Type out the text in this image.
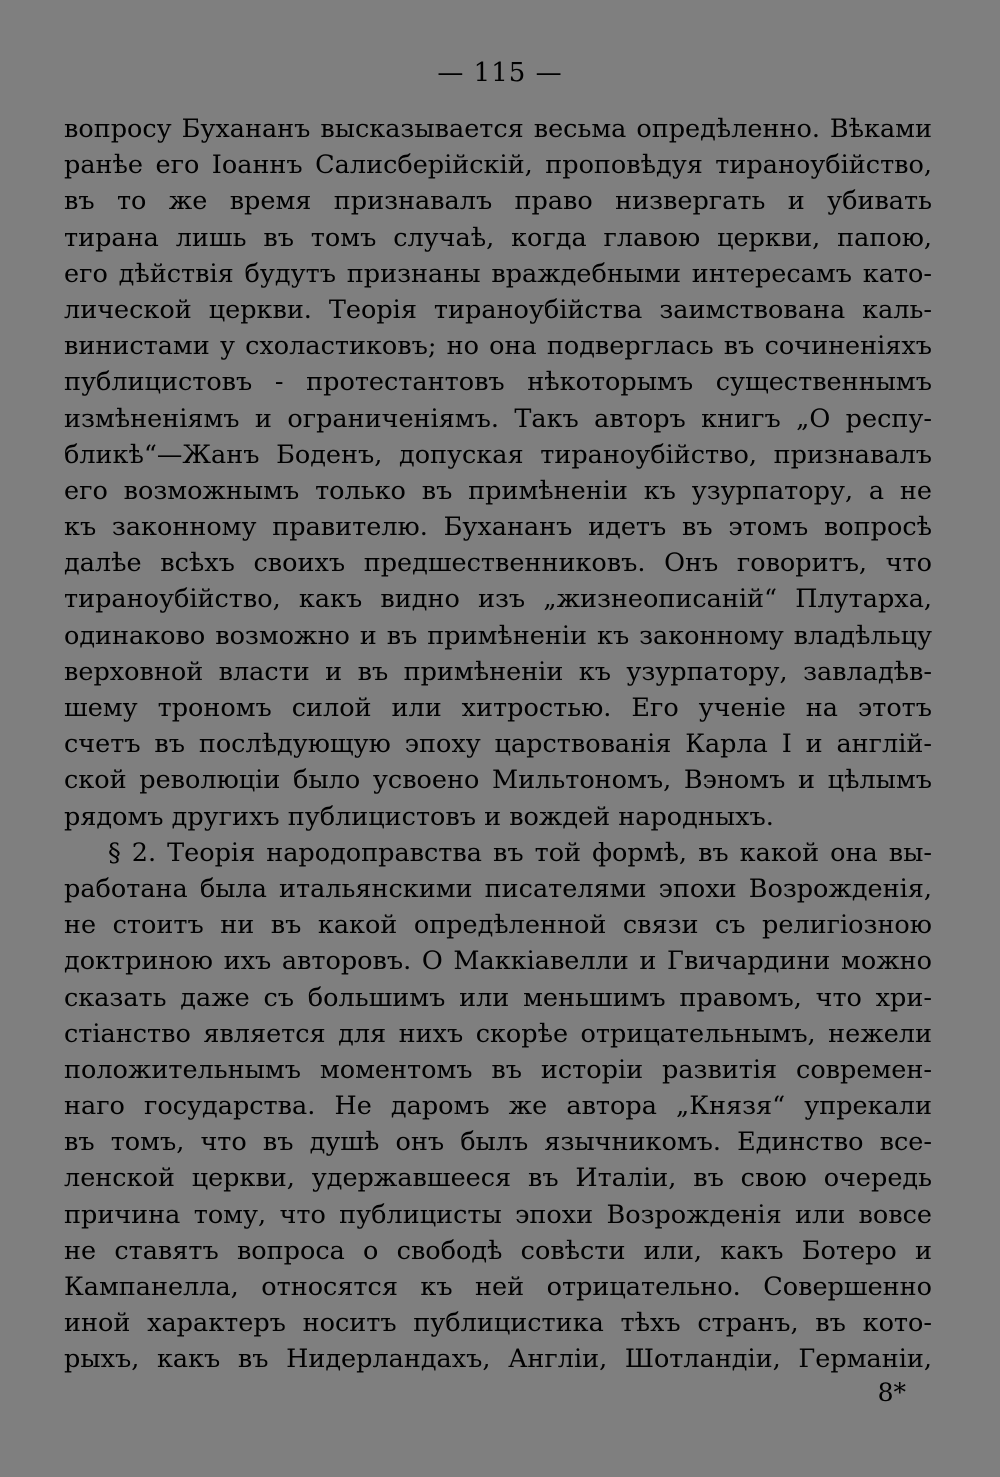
— 115 —
вопросу Бухананъ высказывается весьма опредѣленно. Вѣками
ранѣе его Іоаннъ Салисберійскій, проповѣдуя тираноубійство,
въ то же время признавалъ право низвергать и убивать
тирана лишь въ томъ случаѣ, когда главою церкви, папою,
его дѣйствія будутъ признаны враждебными интересамъ като-
лической церкви. Теорія тираноубійства заимствована каль-
винистами у схоластиковъ; но она подверглась въ сочиненіяхъ
публицистовъ - протестантовъ нѣкоторымъ существеннымъ
измѣненіямъ и ограниченіямъ. Такъ авторъ книгъ „О респу-
бликѣ“—Жанъ Боденъ, допуская тираноубійство, признавалъ
его возможнымъ только въ примѣненіи къ узурпатору, а не
къ законному правителю. Бухананъ идетъ въ этомъ вопросѣ
далѣе всѣхъ своихъ предшественниковъ. Онъ говоритъ, что
тираноубійство, какъ видно изъ „жизнеописаній“ Плутарха,
одинаково возможно и въ примѣненіи къ законному владѣльцу
верховной власти и въ примѣненіи къ узурпатору, завладѣв-
шему трономъ силой или хитростью. Его ученіе на этотъ
счетъ въ послѣдующую эпоху царствованія Карла I и англій-
ской революціи было усвоено Мильтономъ, Вэномъ и цѣлымъ
рядомъ другихъ публицистовъ и вождей народныхъ.
§ 2. Теорія народоправства въ той формѣ, въ какой она вы-
работана была итальянскими писателями эпохи Возрожденія,
не стоитъ ни въ какой опредѣленной связи съ религіозною
доктриною ихъ авторовъ. О Маккіавелли и Гвичардини можно
сказать даже съ большимъ или меньшимъ правомъ, что хри-
стіанство является для нихъ скорѣе отрицательнымъ, нежели
положительнымъ моментомъ въ исторіи развитія современ-
наго государства. Не даромъ же автора „Князя“ упрекали
въ томъ, что въ душѣ онъ былъ язычникомъ. Единство все-
ленской церкви, удержавшееся въ Италіи, въ свою очередь
причина тому, что публицисты эпохи Возрожденія или вовсе
не ставятъ вопроса о свободѣ совѣсти или, какъ Ботеро и
Кампанелла, относятся къ ней отрицательно. Совершенно
иной характеръ носитъ публицистика тѣхъ странъ, въ кото-
рыхъ, какъ въ Нидерландахъ, Англіи, Шотландіи, Германіи,
8*
